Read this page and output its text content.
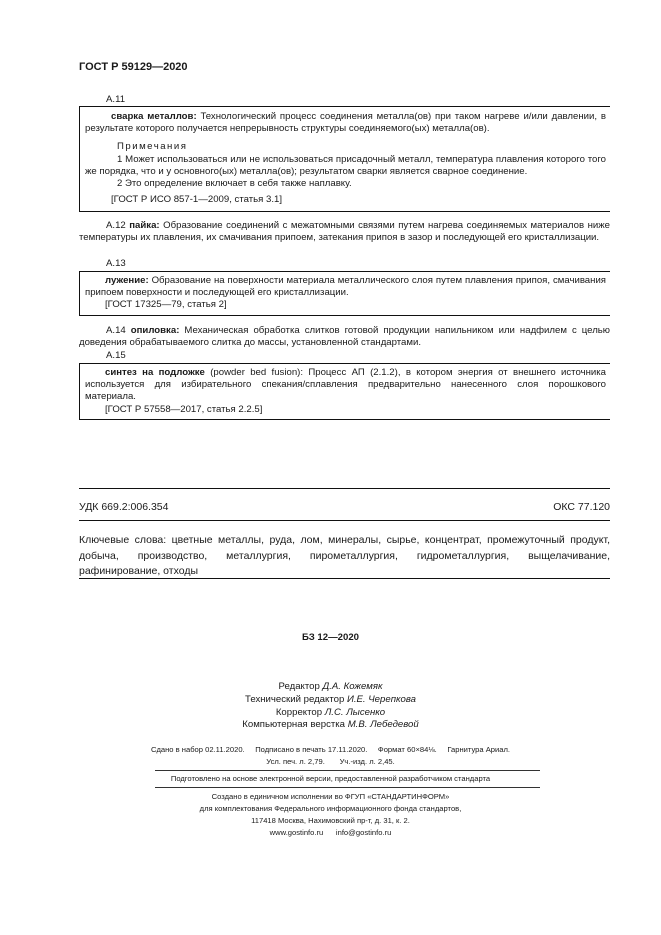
ГОСТ Р 59129—2020
А.11

сварка металлов: Технологический процесс соединения металла(ов) при таком нагреве и/или давлении, в результате которого получается непрерывность структуры соединяемого(ых) металла(ов).

Примечания

1 Может использоваться или не использоваться присадочный металл, температура плавления которого того же порядка, что и у основного(ых) металла(ов); результатом сварки является сварное соединение.

2 Это определение включает в себя также наплавку.

[ГОСТ Р ИСО 857-1—2009, статья 3.1]

А.12 пайка: Образование соединений с межатомными связями путем нагрева соединяемых материалов ниже температуры их плавления, их смачивания припоем, затекания припоя в зазор и последующей его кристаллизации.

А.13

лужение: Образование на поверхности материала металлического слоя путем плавления припоя, смачивания припоем поверхности и последующей его кристаллизации.

[ГОСТ 17325—79, статья 2]

А.14 опиловка: Механическая обработка слитков готовой продукции напильником или надфилем с целью доведения обрабатываемого слитка до массы, установленной стандартами.

А.15

синтез на подложке (powder bed fusion): Процесс АП (2.1.2), в котором энергия от внешнего источника используется для избирательного спекания/сплавления предварительно нанесенного слоя порошкового материала.

[ГОСТ Р 57558—2017, статья 2.2.5]

УДК 669.2:006.354	ОКС 77.120
Ключевые слова: цветные металлы, руда, лом, минералы, сырье, концентрат, промежуточный продукт, добыча, производство, металлургия, пирометаллургия, гидрометаллургия, выщелачивание, рафинирование, отходы
БЗ 12—2020
Редактор Д.А. Кожемяк
Технический редактор И.Е. Черепкова
Корректор Л.С. Лысенко
Компьютерная верстка М.В. Лебедевой
Сдано в набор 02.11.2020.     Подписано в печать 17.11.2020.     Формат 60×84⅛.     Гарнитура Ариал.
Усл. печ. л. 2,79.       Уч.-изд. л. 2,45.
Подготовлено на основе электронной версии, предоставленной разработчиком стандарта
Создано в единичном исполнении во ФГУП «СТАНДАРТИНФОРМ»
для комплектования Федерального информационного фонда стандартов,
117418 Москва, Нахимовский пр-т, д. 31, к. 2.
www.gostinfo.ru      info@gostinfo.ru
